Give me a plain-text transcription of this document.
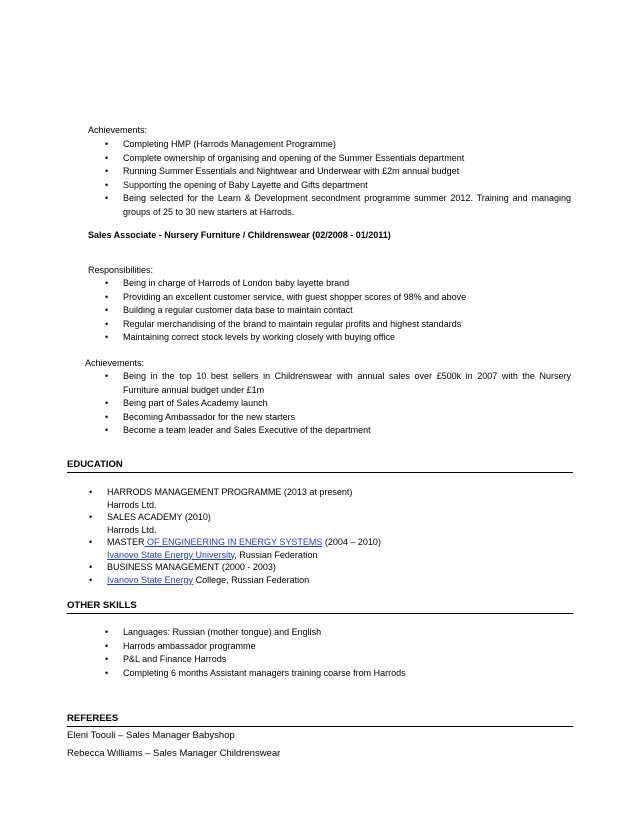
Achievements:
• Completing HMP (Harrods Management Programme)
• Complete ownership of organising and opening of the Summer Essentials department
• Running Summer Essentials and Nightwear and Underwear with £2m annual budget
• Supporting the opening of Baby Layette and Gifts department
• Being selected for the Learn & Development secondment programme summer 2012. Training and managing groups of 25 to 30 new starters at Harrods.
Sales Associate - Nursery Furniture / Childrenswear (02/2008 - 01/2011)
Responsibilities:
• Being in charge of Harrods of London baby layette brand
• Providing an excellent customer service, with guest shopper scores of 98% and above
• Building a regular customer data base to maintain contact
• Regular merchandising of the brand to maintain regular profits and highest standards
• Maintaining correct stock levels by working closely with buying office
Achievements:
• Being in the top 10 best sellers in Childrenswear with annual sales over £500k in 2007 with the Nursery Furniture annual budget under £1m
• Being part of Sales Academy launch
• Becoming Ambassador for the new starters
• Become a team leader and Sales Executive of the department
EDUCATION
• HARRODS MANAGEMENT PROGRAMME (2013 at present)
Harrods Ltd.
• SALES ACADEMY (2010)
Harrods Ltd.
• MASTER OF ENGINEERING IN ENERGY SYSTEMS (2004 – 2010)
Ivanovo State Energy University, Russian Federation
• BUSINESS MANAGEMENT (2000 - 2003)
• Ivanovo State Energy College, Russian Federation
OTHER SKILLS
• Languages: Russian (mother tongue) and English
• Harrods ambassador programme
• P&L and Finance Harrods
• Completing 6 months Assistant managers training coarse from Harrods
REFEREES
Eleni Toouli – Sales Manager Babyshop
Rebecca Williams – Sales Manager Childrenswear
